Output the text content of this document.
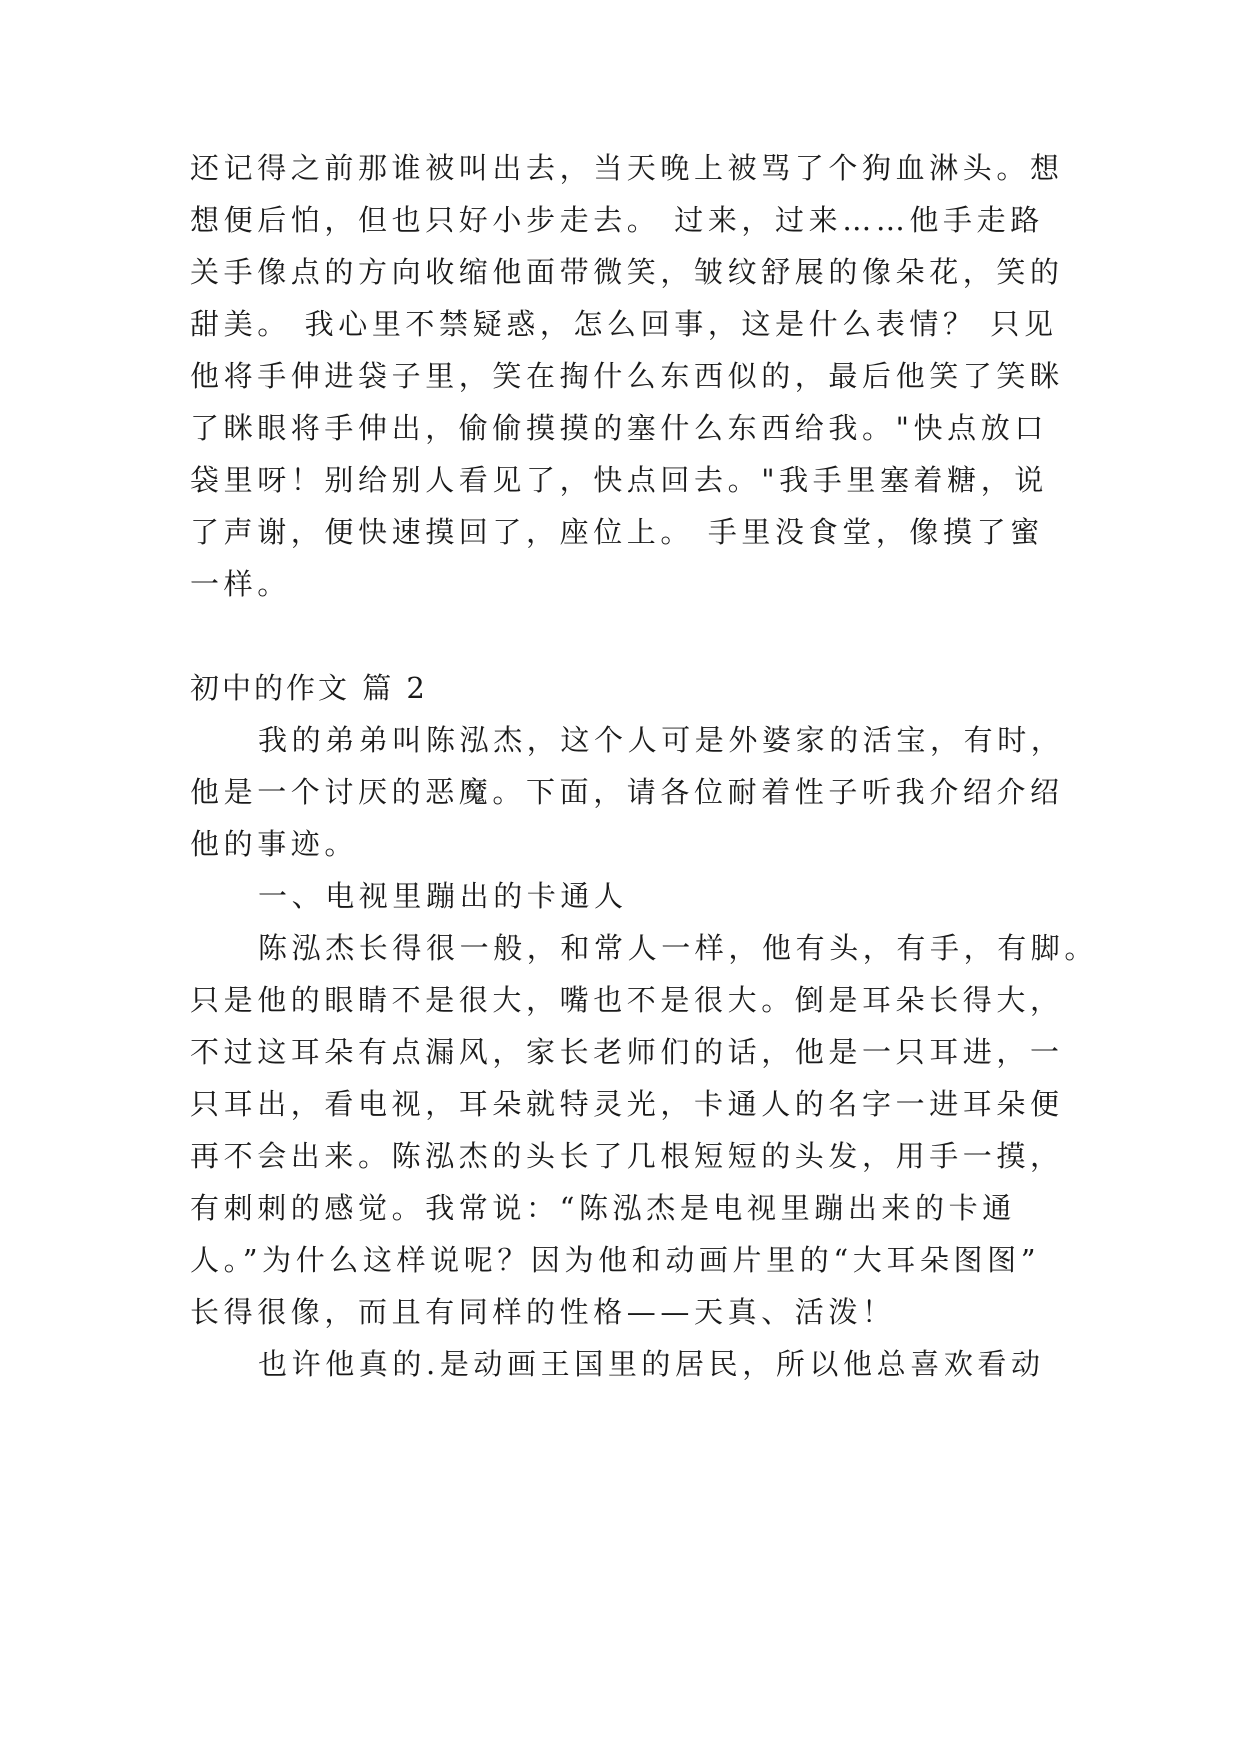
还记得之前那谁被叫出去，当天晚上被骂了个狗血淋头。想
想便后怕，但也只好小步走去。 过来，过来……他手走路
关手像点的方向收缩他面带微笑，皱纹舒展的像朵花，笑的
甜美。 我心里不禁疑惑，怎么回事，这是什么表情？ 只见
他将手伸进袋子里，笑在掏什么东西似的，最后他笑了笑眯
了眯眼将手伸出，偷偷摸摸的塞什么东西给我。"快点放口
袋里呀！别给别人看见了，快点回去。"我手里塞着糖，说
了声谢，便快速摸回了，座位上。 手里没食堂，像摸了蜜
一样。
初中的作文 篇 2
我的弟弟叫陈泓杰，这个人可是外婆家的活宝，有时，
他是一个讨厌的恶魔。下面，请各位耐着性子听我介绍介绍
他的事迹。
一、电视里蹦出的卡通人
陈泓杰长得很一般，和常人一样，他有头，有手，有脚。
只是他的眼睛不是很大，嘴也不是很大。倒是耳朵长得大，
不过这耳朵有点漏风，家长老师们的话，他是一只耳进，一
只耳出，看电视，耳朵就特灵光，卡通人的名字一进耳朵便
再不会出来。陈泓杰的头长了几根短短的头发，用手一摸，
有刺刺的感觉。我常说：“陈泓杰是电视里蹦出来的卡通
人。”为什么这样说呢？因为他和动画片里的“大耳朵图图”
长得很像，而且有同样的性格——天真、活泼！
也许他真的.是动画王国里的居民，所以他总喜欢看动
